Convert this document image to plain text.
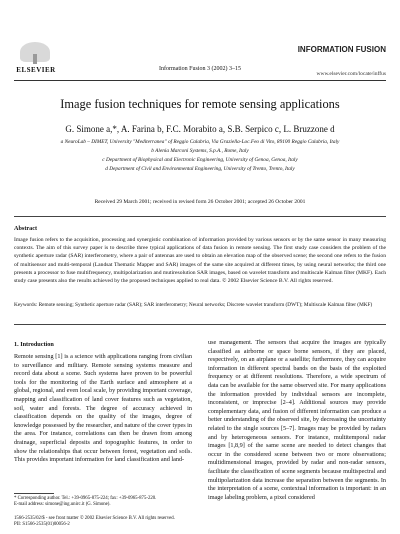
ELSEVIER	Information Fusion 3 (2002) 3–15
INFORMATION FUSION
www.elsevier.com/locate/inffus
Image fusion techniques for remote sensing applications
G. Simone a,*, A. Farina b, F.C. Morabito a, S.B. Serpico c, L. Bruzzone d
a NeuroLab – DIMET, University "Mediterranea" of Reggio Calabria, Via Graziella-Loc.Feo di Vito, 89100 Reggio Calabria, Italy
b Alenia Marconi Systems, S.p.A., Rome, Italy
c Department of Biophysical and Electronic Engineering, University of Genoa, Genoa, Italy
d Department of Civil and Environmental Engineering, University of Trento, Trento, Italy
Received 29 March 2001; received in revised form 26 October 2001; accepted 26 October 2001
Abstract
Image fusion refers to the acquisition, processing and synergistic combination of information provided by various sensors or by the same sensor in many measuring contexts. The aim of this survey paper is to describe three typical applications of data fusion in remote sensing. The first study case considers the problem of the synthetic aperture radar (SAR) interferometry, where a pair of antennas are used to obtain an elevation map of the observed scene; the second one refers to the fusion of multisensor and multi-temporal (Landsat Thematic Mapper and SAR) images of the same site acquired at different times, by using neural networks; the third one presents a processor to fuse multifrequency, multipolarization and mutiresolution SAR images, based on wavelet transform and multiscale Kalman filter (MKF). Each study case presents also the results achieved by the proposed techniques applied to real data. © 2002 Elsevier Science B.V. All rights reserved.
Keywords: Remote sensing; Synthetic aperture radar (SAR); SAR interferometry; Neural networks; Discrete wavelet transform (DWT); Multiscale Kalman filter (MKF)
1. Introduction
Remote sensing [1] is a science with applications ranging from civilian to surveillance and military. Remote sensing systems measure and record data about a scene. Such systems have proven to be powerful tools for the monitoring of the Earth surface and atmosphere at a global, regional, and even local scale, by providing important coverage, mapping and classification of land cover features such as vegetation, soil, water and forests. The degree of accuracy achieved in classification depends on the quality of the images, degree of knowledge possessed by the researcher, and nature of the cover types in the area. For instance, correlations can then be drawn from among drainage, superficial deposits and topographic features, in order to show the relationships that occur between forest, vegetation and soils. This provides important information for land classification and land-
use management. The sensors that acquire the images are typically classified as airborne or space borne sensors, if they are placed, respectively, on an airplane or a satellite; furthermore, they can acquire information in different spectral bands on the basis of the exploited frequency or at different resolutions. Therefore, a wide spectrum of data can be available for the same observed site. For many applications the information provided by individual sensors are incomplete, inconsistent, or imprecise [2–4]. Additional sources may provide complementary data, and fusion of different information can produce a better understanding of the observed site, by decreasing the uncertainty related to the single sources [5–7]. Images may be provided by radars and by heterogeneous sensors. For instance, multitemporal radar images [1,8,9] of the same scene are needed to detect changes that occur in the considered scene between two or more observations; multidimensional images, provided by radar and non-radar sensors, facilitate the classification of scene segments because multispectral and multipolarization data increase the separation between the segments. In the interpretation of a scene, contextual information is important: in an image labeling problem, a pixel considered
* Corresponding author. Tel.: +39-0965-875-224; fax: +39-0965-875-220.
E-mail address: simone@ing.unirc.it (G. Simone).
1566-2535/02/$ - see front matter © 2002 Elsevier Science B.V. All rights reserved.
PII: S1566-2535(01)00056-2
